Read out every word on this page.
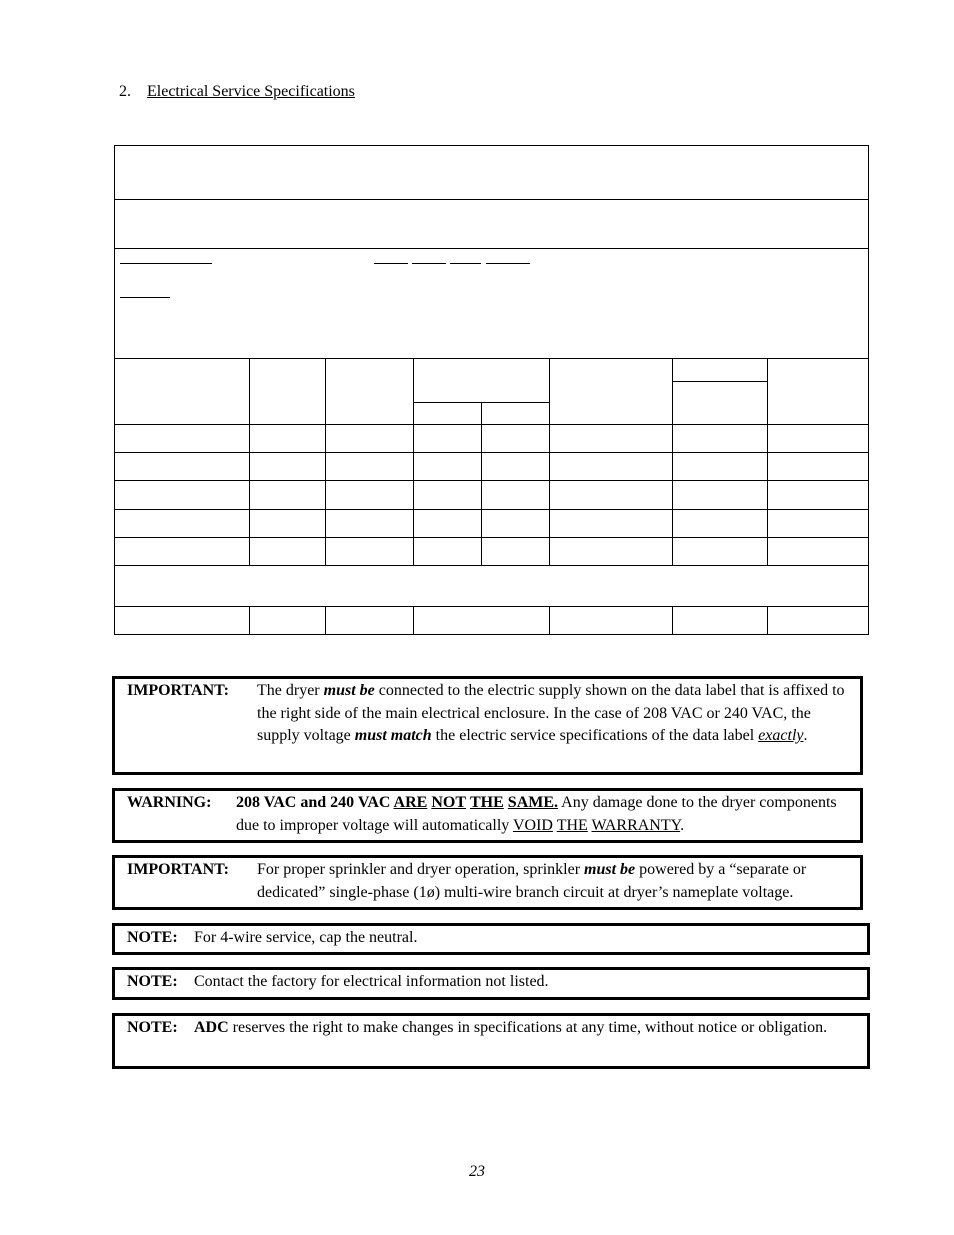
2. Electrical Service Specifications
IMPORTANT:	The dryer must be connected to the electric supply shown on the data label that is affixed to the right side of the main electrical enclosure. In the case of 208 VAC or 240 VAC, the supply voltage must match the electric service specifications of the data label exactly.
WARNING:	208 VAC and 240 VAC ARE NOT THE SAME. Any damage done to the dryer components due to improper voltage will automatically VOID THE WARRANTY.
IMPORTANT:	For proper sprinkler and dryer operation, sprinkler must be powered by a “separate or dedicated” single-phase (1ø) multi-wire branch circuit at dryer’s nameplate voltage.
NOTE:	For 4-wire service, cap the neutral.
NOTE:	Contact the factory for electrical information not listed.
NOTE:	ADC reserves the right to make changes in specifications at any time, without notice or obligation.
23
